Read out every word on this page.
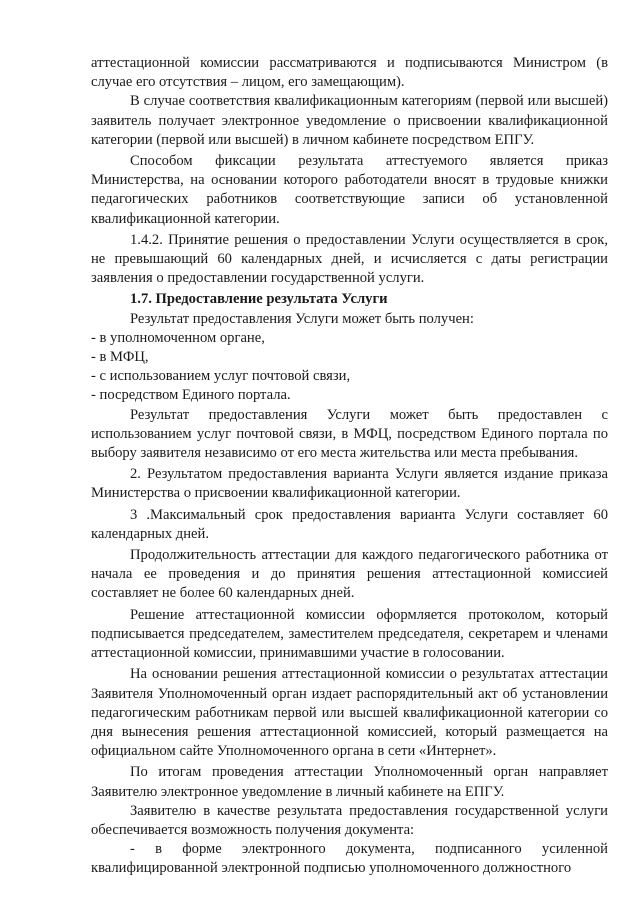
аттестационной комиссии рассматриваются и подписываются Министром (в случае его отсутствия – лицом, его замещающим).

В случае соответствия квалификационным категориям (первой или высшей) заявитель получает электронное уведомление о присвоении квалификационной категории (первой или высшей) в личном кабинете посредством ЕПГУ.

Способом фиксации результата аттестуемого является приказ Министерства, на основании которого работодатели вносят в трудовые книжки педагогических работников соответствующие записи об установленной квалификационной категории.

1.4.2. Принятие решения о предоставлении Услуги осуществляется в срок, не превышающий 60 календарных дней, и исчисляется с даты регистрации заявления о предоставлении государственной услуги.

1.7. Предоставление результата Услуги

Результат предоставления Услуги может быть получен:

- в уполномоченном органе,
- в МФЦ,
- с использованием услуг почтовой связи,
- посредством Единого портала.

Результат предоставления Услуги может быть предоставлен с использованием услуг почтовой связи, в МФЦ, посредством Единого портала по выбору заявителя независимо от его места жительства или места пребывания.

2. Результатом предоставления варианта Услуги является издание приказа Министерства о присвоении квалификационной категории.

3 .Максимальный срок предоставления варианта Услуги составляет 60 календарных дней.

Продолжительность аттестации для каждого педагогического работника от начала ее проведения и до принятия решения аттестационной комиссией составляет не более 60 календарных дней.

Решение аттестационной комиссии оформляется протоколом, который подписывается председателем, заместителем председателя, секретарем и членами аттестационной комиссии, принимавшими участие в голосовании.

На основании решения аттестационной комиссии о результатах аттестации Заявителя Уполномоченный орган издает распорядительный акт об установлении педагогическим работникам первой или высшей квалификационной категории со дня вынесения решения аттестационной комиссией, который размещается на официальном сайте Уполномоченного органа в сети «Интернет».

По итогам проведения аттестации Уполномоченный орган направляет Заявителю электронное уведомление в личный кабинете на ЕПГУ.

Заявителю в качестве результата предоставления государственной услуги обеспечивается возможность получения документа:

- в форме электронного документа, подписанного усиленной квалифицированной электронной подписью уполномоченного должностного
